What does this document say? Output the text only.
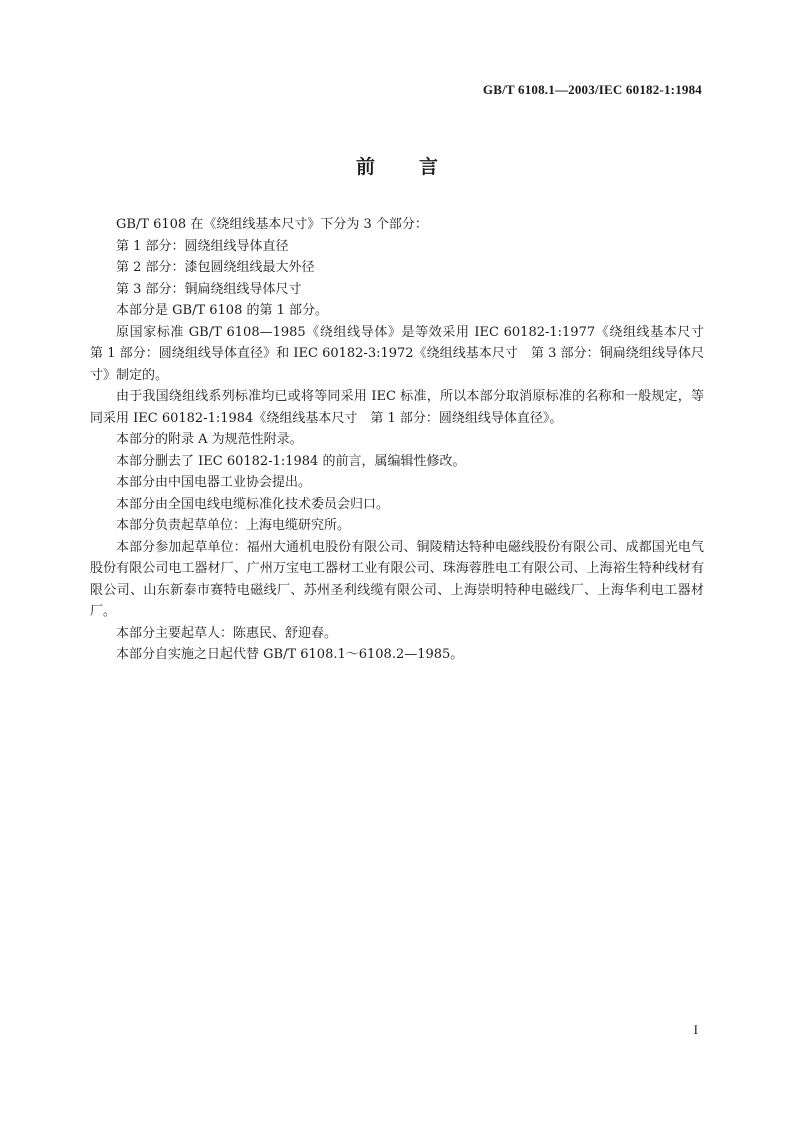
GB/T 6108.1—2003/IEC 60182-1:1984
前言

GB/T 6108 在《绕组线基本尺寸》下分为 3 个部分：

第 1 部分：圆绕组线导体直径

第 2 部分：漆包圆绕组线最大外径

第 3 部分：铜扁绕组线导体尺寸

本部分是 GB/T 6108 的第 1 部分。

原国家标准 GB/T 6108—1985《绕组线导体》是等效采用 IEC 60182-1:1977《绕组线基本尺寸　第 1 部分：圆绕组线导体直径》和 IEC 60182-3:1972《绕组线基本尺寸　第 3 部分：铜扁绕组线导体尺寸》制定的。

由于我国绕组线系列标准均已或将等同采用 IEC 标准，所以本部分取消原标准的名称和一般规定，等同采用 IEC 60182-1:1984《绕组线基本尺寸　第 1 部分：圆绕组线导体直径》。

本部分的附录 A 为规范性附录。

本部分删去了 IEC 60182-1:1984 的前言，属编辑性修改。

本部分由中国电器工业协会提出。

本部分由全国电线电缆标准化技术委员会归口。

本部分负责起草单位：上海电缆研究所。

本部分参加起草单位：福州大通机电股份有限公司、铜陵精达特种电磁线股份有限公司、成都国光电气股份有限公司电工器材厂、广州万宝电工器材工业有限公司、珠海蓉胜电工有限公司、上海裕生特种线材有限公司、山东新泰市赛特电磁线厂、苏州圣利线缆有限公司、上海崇明特种电磁线厂、上海华利电工器材厂。

本部分主要起草人：陈惠民、舒迎春。

本部分自实施之日起代替 GB/T 6108.1～6108.2—1985。

I
